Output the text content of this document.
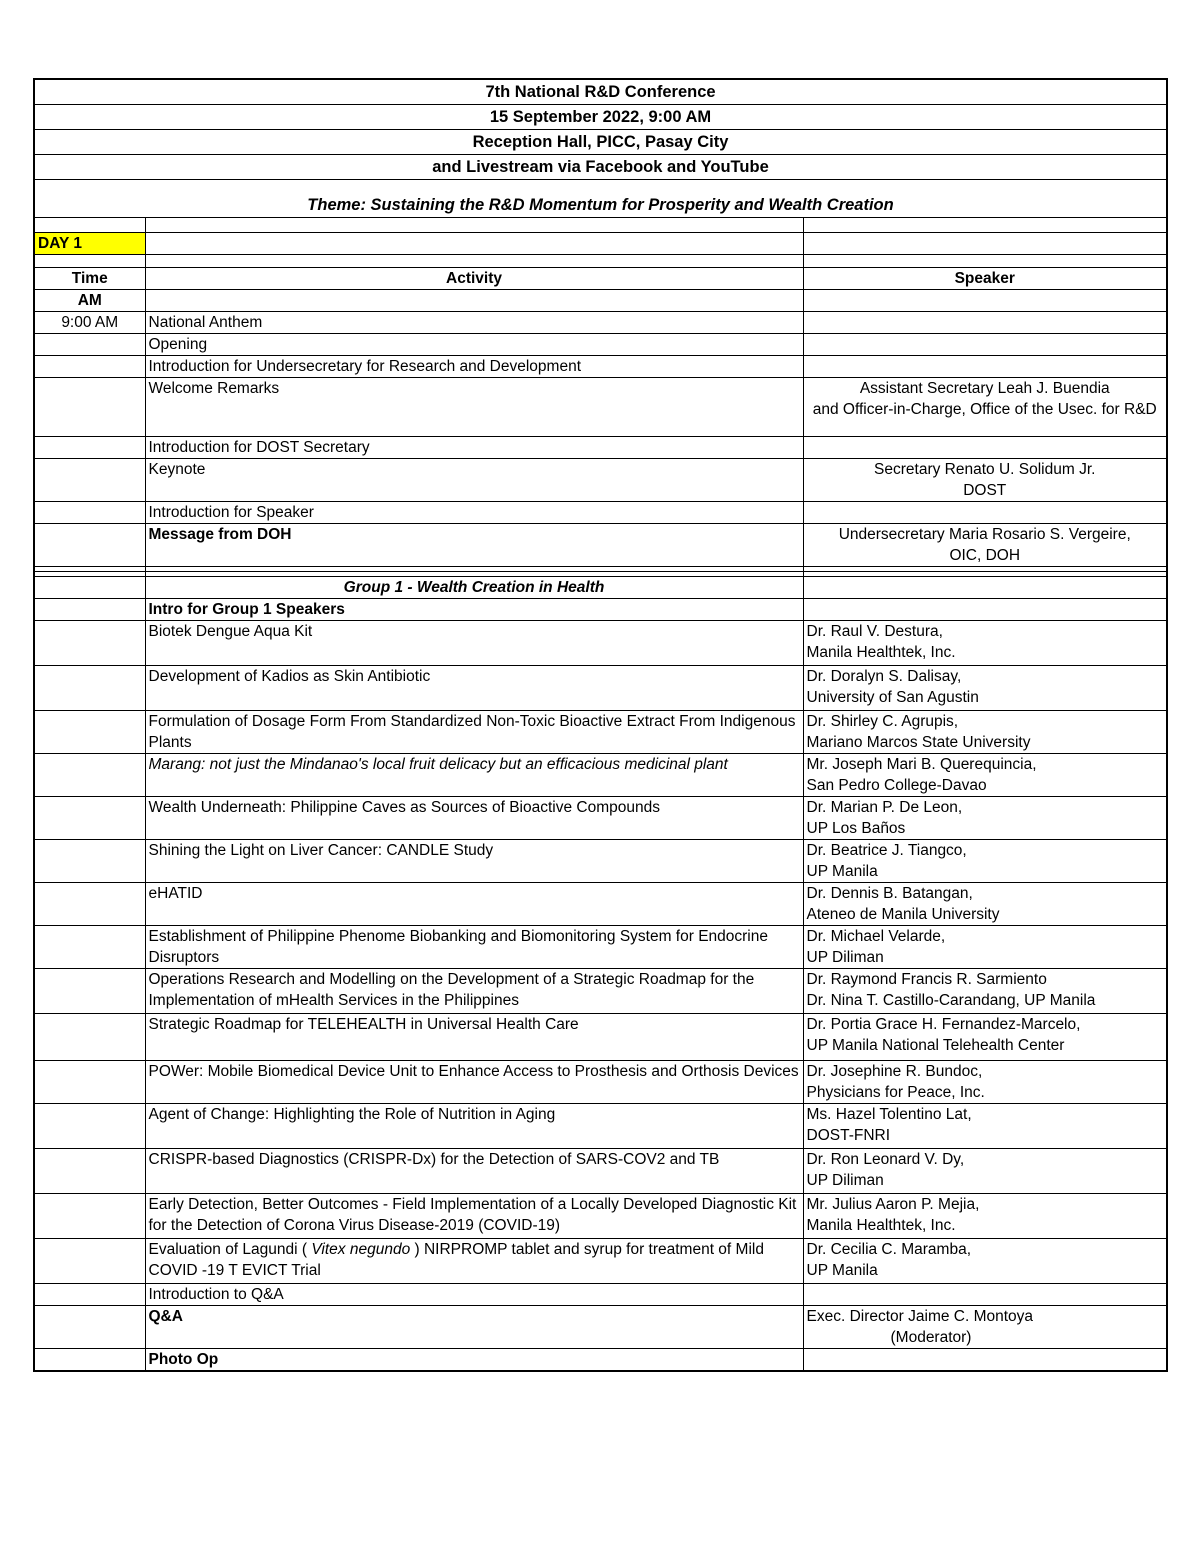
7th National R&D Conference		
15 September 2022, 9:00 AM		
Reception Hall, PICC, Pasay City		
and Livestream via Facebook and YouTube		
Theme: Sustaining the R&D Momentum for Prosperity and Wealth Creation		

DAY 1		

Time	Activity	Speaker
AM		
9:00 AM	National Anthem	
	Opening	
	Introduction for Undersecretary for Research and Development	
	Welcome Remarks	Assistant Secretary Leah J. Buendia
and Officer-in-Charge, Office of the Usec. for R&D
	Introduction for DOST Secretary	
	Keynote	Secretary Renato U. Solidum Jr.
DOST
	Introduction for Speaker	
	Message from DOH	Undersecretary Maria Rosario S. Vergeire,
OIC, DOH

	Group 1 - Wealth Creation in Health	
	Intro for Group 1 Speakers	
	Biotek Dengue Aqua Kit	Dr. Raul V. Destura,
Manila Healthtek, Inc.
	Development of Kadios as Skin Antibiotic	Dr. Doralyn S. Dalisay,
University of San Agustin
	Formulation of Dosage Form From Standardized Non-Toxic Bioactive Extract From Indigenous Plants	Dr. Shirley C. Agrupis,
Mariano Marcos State University
	Marang: not just the Mindanao's local fruit delicacy but an efficacious medicinal plant	Mr. Joseph Mari B. Querequincia,
San Pedro College-Davao
	Wealth Underneath: Philippine Caves as Sources of Bioactive Compounds	Dr. Marian P. De Leon,
UP Los Baños
	Shining the Light on Liver Cancer: CANDLE Study	Dr. Beatrice J. Tiangco,
UP Manila
	eHATID	Dr. Dennis B. Batangan,
Ateneo de Manila University
	Establishment of Philippine Phenome Biobanking and Biomonitoring System for Endocrine Disruptors	Dr. Michael Velarde,
UP Diliman
	Operations Research and Modelling on the Development of a Strategic Roadmap for the Implementation of mHealth Services in the Philippines	Dr. Raymond Francis R. Sarmiento
Dr. Nina T. Castillo-Carandang, UP Manila
	Strategic Roadmap for TELEHEALTH in Universal Health Care	Dr. Portia Grace H. Fernandez-Marcelo,
UP Manila National Telehealth Center
	POWer: Mobile Biomedical Device Unit to Enhance Access to Prosthesis and Orthosis Devices	Dr. Josephine R. Bundoc,
Physicians for Peace, Inc.
	Agent of Change: Highlighting the Role of Nutrition in Aging	Ms. Hazel Tolentino Lat,
DOST-FNRI
	CRISPR-based Diagnostics (CRISPR-Dx) for the Detection of SARS-COV2 and TB	Dr. Ron Leonard V. Dy,
UP Diliman
	Early Detection, Better Outcomes - Field Implementation of a Locally Developed Diagnostic Kit for the Detection of Corona Virus Disease-2019 (COVID-19)	Mr. Julius Aaron P. Mejia,
Manila Healthtek, Inc.
	Evaluation of Lagundi ( Vitex negundo ) NIRPROMP tablet and syrup for treatment of Mild COVID -19 T EVICT Trial	Dr. Cecilia C. Maramba,
UP Manila
	Introduction to Q&A	
	Q&A	Exec. Director Jaime C. Montoya
(Moderator)
	Photo Op	
